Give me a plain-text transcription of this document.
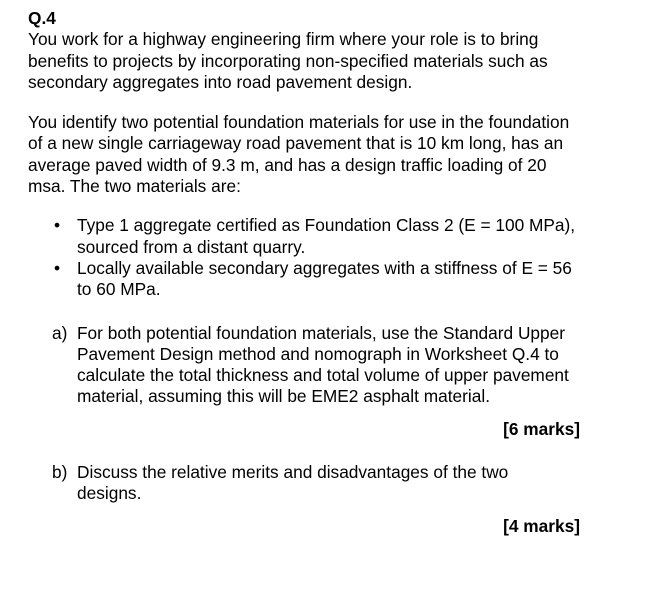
Q.4

You work for a highway engineering firm where your role is to bring benefits to projects by incorporating non-specified materials such as secondary aggregates into road pavement design.

You identify two potential foundation materials for use in the foundation of a new single carriageway road pavement that is 10 km long, has an average paved width of 9.3 m, and has a design traffic loading of 20 msa. The two materials are:

• Type 1 aggregate certified as Foundation Class 2 (E = 100 MPa), sourced from a distant quarry.
• Locally available secondary aggregates with a stiffness of E = 56 to 60 MPa.
a) For both potential foundation materials, use the Standard Upper Pavement Design method and nomograph in Worksheet Q.4 to calculate the total thickness and total volume of upper pavement material, assuming this will be EME2 asphalt material.
[6 marks]
b) Discuss the relative merits and disadvantages of the two designs.
[4 marks]
